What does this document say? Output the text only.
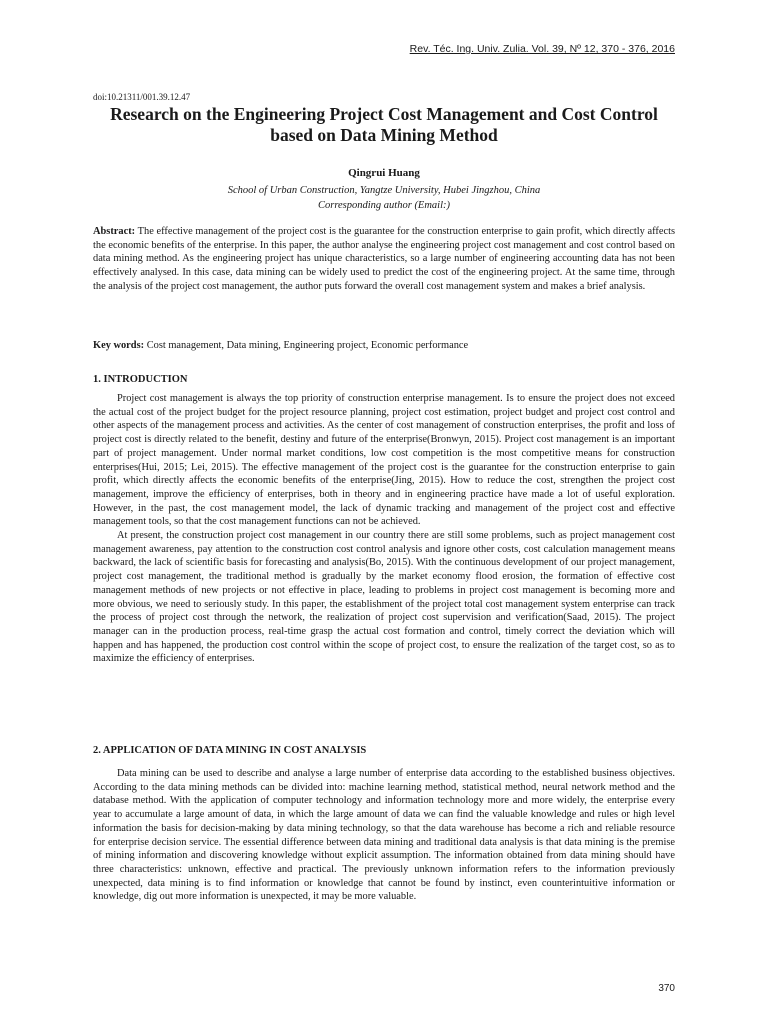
Rev. Téc. Ing. Univ. Zulia. Vol. 39, Nº 12, 370 - 376, 2016
doi:10.21311/001.39.12.47
Research on the Engineering Project Cost Management and Cost Control based on Data Mining Method
Qingrui Huang
School of Urban Construction, Yangtze University, Hubei Jingzhou, China
Corresponding author (Email:)

Abstract: The effective management of the project cost is the guarantee for the construction enterprise to gain profit, which directly affects the economic benefits of the enterprise. In this paper, the author analyse the engineering project cost management and cost control based on data mining method. As the engineering project has unique characteristics, so a large number of engineering accounting data has not been effectively analysed. In this case, data mining can be widely used to predict the cost of the engineering project. At the same time, through the analysis of the project cost management, the author puts forward the overall cost management system and makes a brief analysis.

Key words: Cost management, Data mining, Engineering project, Economic performance

1. INTRODUCTION

Project cost management is always the top priority of construction enterprise management. Is to ensure the project does not exceed the actual cost of the project budget for the project resource planning, project cost estimation, project budget and project cost control and other aspects of the management process and activities. As the center of cost management of construction enterprises, the profit and loss of project cost is directly related to the benefit, destiny and future of the enterprise(Bronwyn, 2015). Project cost management is an important part of project management. Under normal market conditions, low cost competition is the most competitive means for construction enterprises(Hui, 2015; Lei, 2015). The effective management of the project cost is the guarantee for the construction enterprise to gain profit, which directly affects the economic benefits of the enterprise(Jing, 2015). How to reduce the cost, strengthen the project cost management, improve the efficiency of enterprises, both in theory and in engineering practice have made a lot of useful exploration. However, in the past, the cost management model, the lack of dynamic tracking and management of the project cost and effective management tools, so that the cost management functions can not be achieved.

At present, the construction project cost management in our country there are still some problems, such as project management cost management awareness, pay attention to the construction cost control analysis and ignore other costs, cost calculation management means backward, the lack of scientific basis for forecasting and analysis(Bo, 2015). With the continuous development of our project management, project cost management, the traditional method is gradually by the market economy flood erosion, the formation of effective cost management methods of new projects or not effective in place, leading to problems in project cost management is becoming more and more obvious, we need to seriously study. In this paper, the establishment of the project total cost management system enterprise can track the process of project cost through the network, the realization of project cost supervision and verification(Saad, 2015). The project manager can in the production process, real-time grasp the actual cost formation and control, timely correct the deviation which will happen and has happened, the production cost control within the scope of project cost, to ensure the realization of the target cost, so as to maximize the efficiency of enterprises.

2. APPLICATION OF DATA MINING IN COST ANALYSIS

Data mining can be used to describe and analyse a large number of enterprise data according to the established business objectives. According to the data mining methods can be divided into: machine learning method, statistical method, neural network method and the database method. With the application of computer technology and information technology more and more widely, the enterprise every year to accumulate a large amount of data, in which the large amount of data we can find the valuable knowledge and rules or high level information the basis for decision-making by data mining technology, so that the data warehouse has become a rich and reliable resource for enterprise decision service. The essential difference between data mining and traditional data analysis is that data mining is the premise of mining information and discovering knowledge without explicit assumption. The information obtained from data mining should have three characteristics: unknown, effective and practical. The previously unknown information refers to the information previously unexpected, data mining is to find information or knowledge that cannot be found by instinct, even counterintuitive information or knowledge, dig out more information is unexpected, it may be more valuable.

370
